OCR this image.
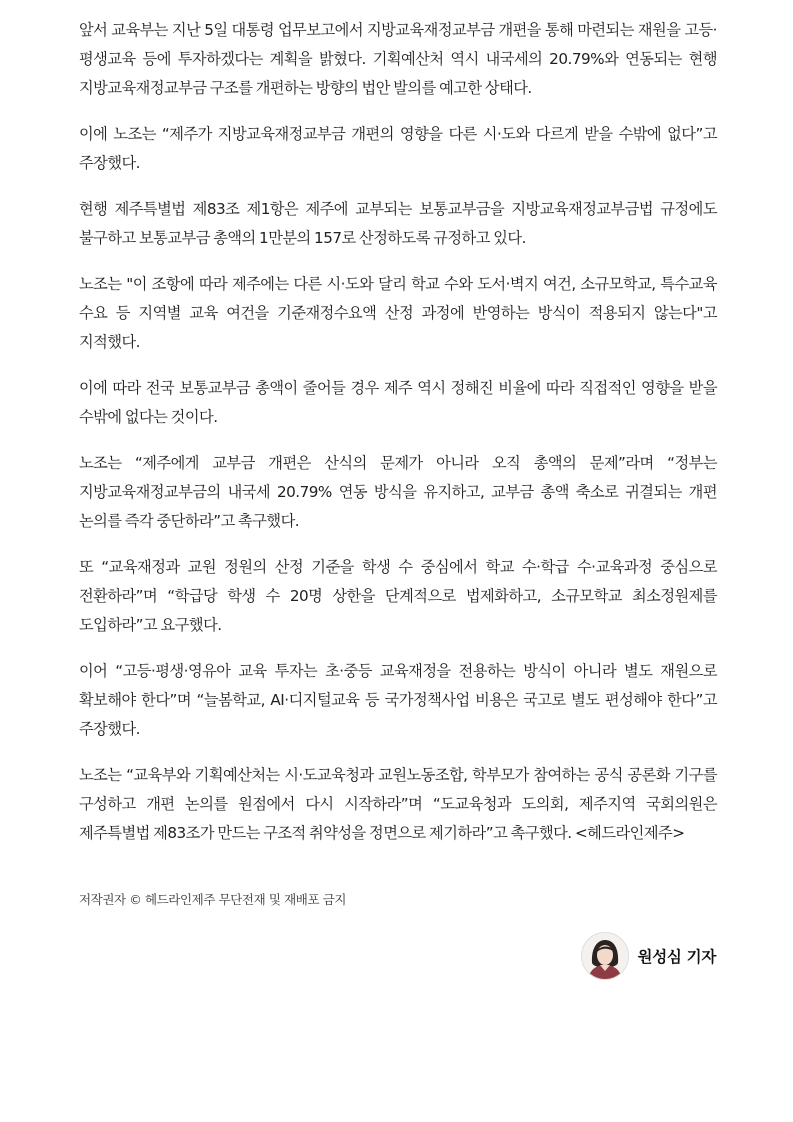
앞서 교육부는 지난 5일 대통령 업무보고에서 지방교육재정교부금 개편을 통해 마련되는 재원을 고등·평생교육 등에 투자하겠다는 계획을 밝혔다. 기획예산처 역시 내국세의 20.79%와 연동되는 현행 지방교육재정교부금 구조를 개편하는 방향의 법안 발의를 예고한 상태다.

이에 노조는 “제주가 지방교육재정교부금 개편의 영향을 다른 시·도와 다르게 받을 수밖에 없다”고 주장했다.

현행 제주특별법 제83조 제1항은 제주에 교부되는 보통교부금을 지방교육재정교부금법 규정에도 불구하고 보통교부금 총액의 1만분의 157로 산정하도록 규정하고 있다.

노조는 "이 조항에 따라 제주에는 다른 시·도와 달리 학교 수와 도서·벽지 여건, 소규모학교, 특수교육 수요 등 지역별 교육 여건을 기준재정수요액 산정 과정에 반영하는 방식이 적용되지 않는다"고 지적했다.

이에 따라 전국 보통교부금 총액이 줄어들 경우 제주 역시 정해진 비율에 따라 직접적인 영향을 받을 수밖에 없다는 것이다.

노조는 “제주에게 교부금 개편은 산식의 문제가 아니라 오직 총액의 문제”라며 “정부는 지방교육재정교부금의 내국세 20.79% 연동 방식을 유지하고, 교부금 총액 축소로 귀결되는 개편 논의를 즉각 중단하라”고 촉구했다.

또 “교육재정과 교원 정원의 산정 기준을 학생 수 중심에서 학교 수·학급 수·교육과정 중심으로 전환하라”며 “학급당 학생 수 20명 상한을 단계적으로 법제화하고, 소규모학교 최소정원제를 도입하라”고 요구했다.

이어 “고등·평생·영유아 교육 투자는 초·중등 교육재정을 전용하는 방식이 아니라 별도 재원으로 확보해야 한다”며 “늘봄학교, AI·디지털교육 등 국가정책사업 비용은 국고로 별도 편성해야 한다”고 주장했다.

노조는 “교육부와 기획예산처는 시·도교육청과 교원노동조합, 학부모가 참여하는 공식 공론화 기구를 구성하고 개편 논의를 원점에서 다시 시작하라”며 “도교육청과 도의회, 제주지역 국회의원은 제주특별법 제83조가 만드는 구조적 취약성을 정면으로 제기하라”고 촉구했다. <헤드라인제주>

저작권자 © 헤드라인제주 무단전재 및 재배포 금지
원성심 기자
